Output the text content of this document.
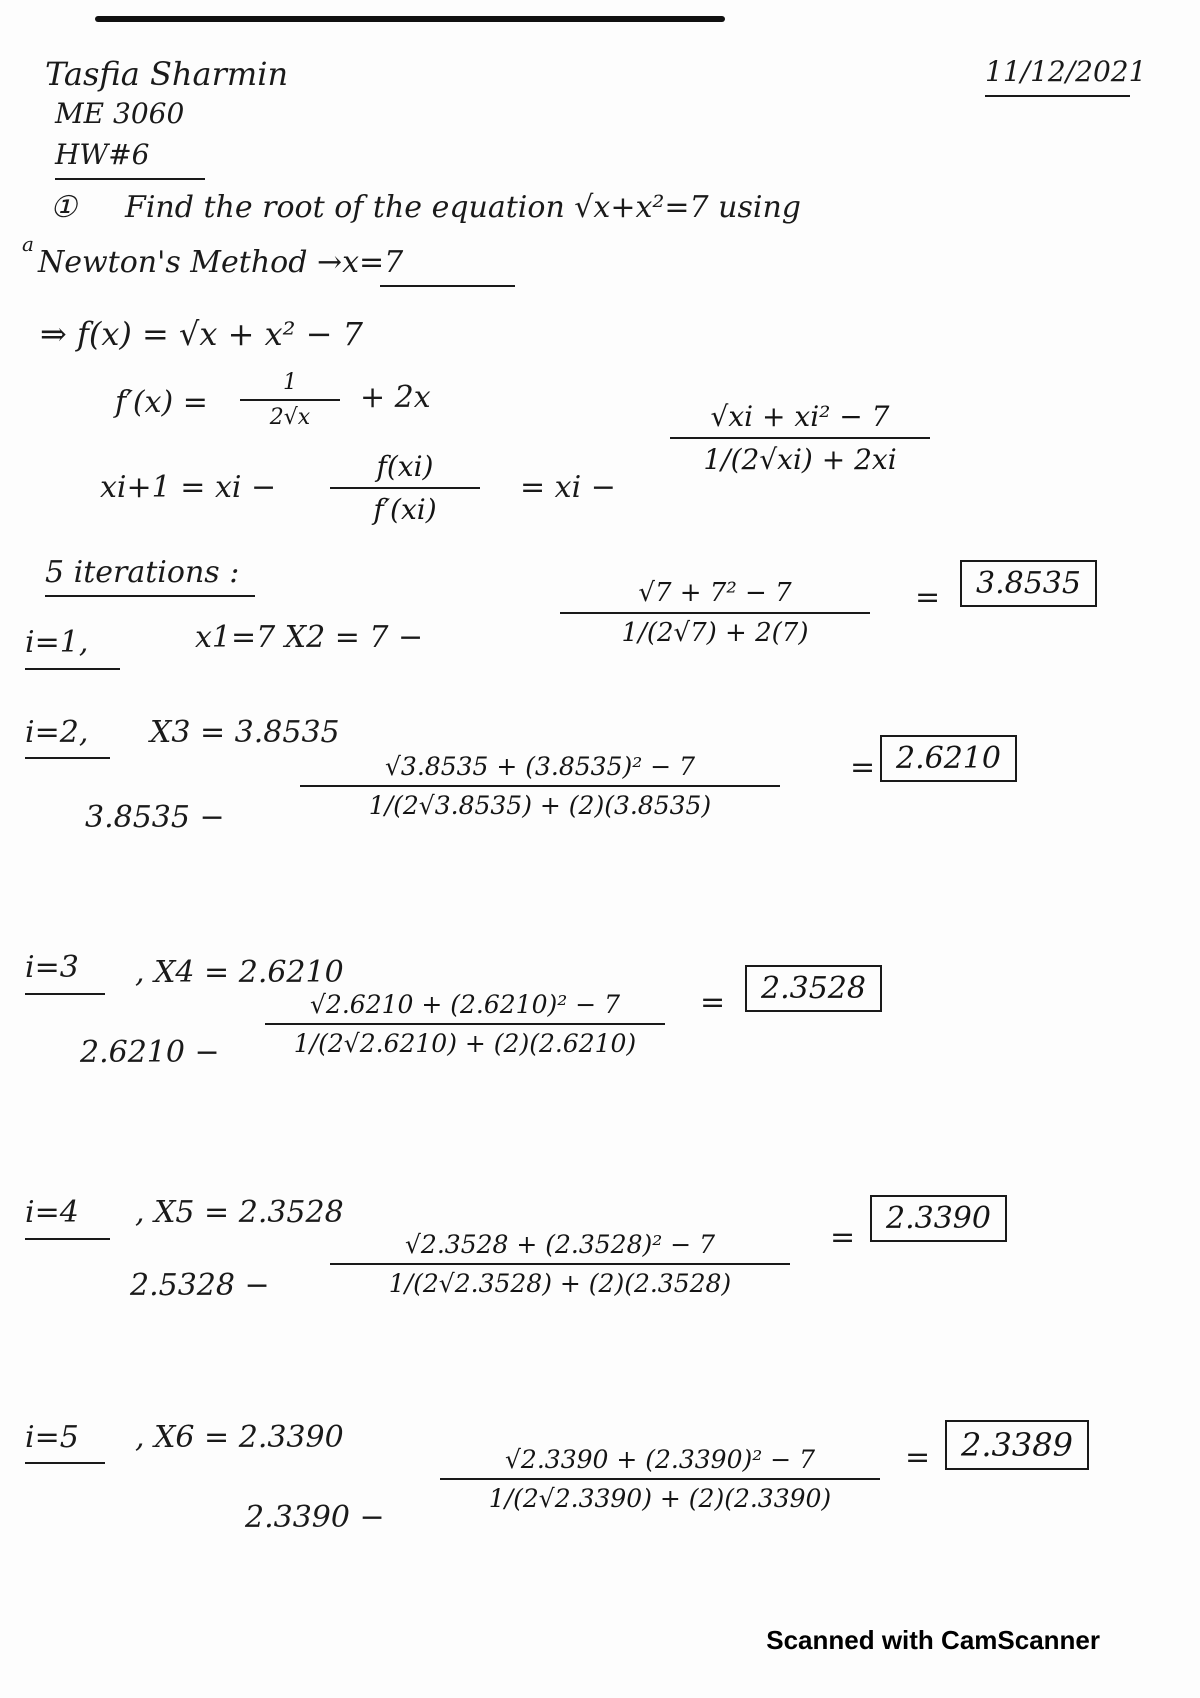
Tasfia Sharmin
ME 3060
HW#6
11/12/2021
① Find the root of the equation √x+x²=7 using
a
Newton's Method →x=7
⇒ f(x) = √x + x² − 7
f′(x) =
1
2√x
+ 2x
xi+1 = xi −
f(xi)
f′(xi)
= xi −
√xi + xi² − 7
1/(2√xi) + 2xi
5 iterations :
i=1,	x1=7 X2 = 7 −
√7 + 7² − 7
1/(2√7) + 2(7)
=	3.8535
i=2, X3 = 3.8535
3.8535 −
√3.8535 + (3.8535)² − 7
1/(2√3.8535) + (2)(3.8535)
= 2.6210
i=3 , X4 = 2.6210
2.6210 −
√2.6210 + (2.6210)² − 7
1/(2√2.6210) + (2)(2.6210)
=	2.3528
i=4 , X5 = 2.3528
2.5328 −
√2.3528 + (2.3528)² − 7
1/(2√2.3528) + (2)(2.3528)
=
2.3390
i=5 , X6 = 2.3390
2.3390 −
√2.3390 + (2.3390)² − 7
1/(2√2.3390) + (2)(2.3390)
= 2.3389
Scanned with CamScanner
